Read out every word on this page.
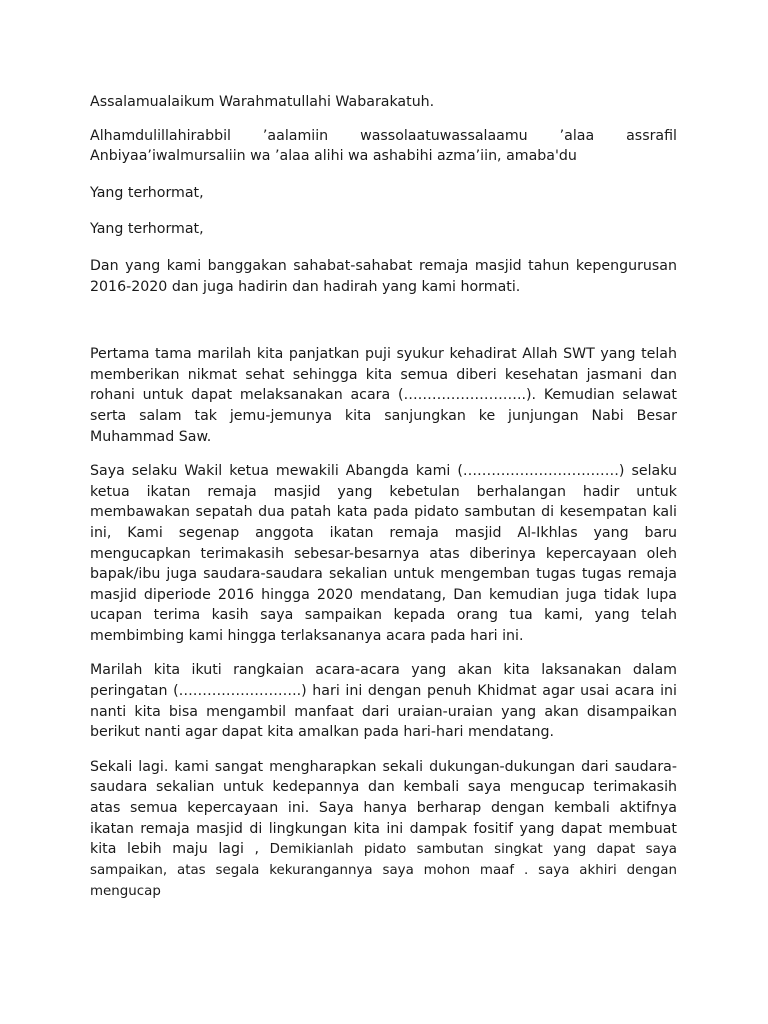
Assalamualaikum Warahmatullahi Wabarakatuh.

Alhamdulillahirabbil ’aalamiin wassolaatuwassalaamu ’alaa assrafil Anbiyaa’iwalmursaliin wa ’alaa alihi wa ashabihi azma’iin, amaba'du

Yang terhormat,

Yang terhormat,

Dan yang kami banggakan sahabat-sahabat remaja masjid tahun kepengurusan 2016-2020 dan juga hadirin dan hadirah yang kami hormati.

Pertama tama marilah kita panjatkan puji syukur kehadirat Allah SWT yang telah memberikan nikmat sehat sehingga kita semua diberi kesehatan jasmani dan rohani untuk dapat melaksanakan acara (……………………..). Kemudian selawat serta salam tak jemu-jemunya kita sanjungkan ke junjungan Nabi Besar Muhammad Saw.

Saya selaku Wakil ketua mewakili Abangda kami (……………………………) selaku ketua ikatan remaja masjid yang kebetulan berhalangan hadir untuk membawakan sepatah dua patah kata pada pidato sambutan di kesempatan kali ini, Kami segenap anggota ikatan remaja masjid Al-Ikhlas yang baru mengucapkan terimakasih sebesar-besarnya atas diberinya kepercayaan oleh bapak/ibu juga saudara-saudara sekalian untuk mengemban tugas tugas remaja masjid diperiode 2016 hingga 2020 mendatang, Dan kemudian juga tidak lupa ucapan terima kasih saya sampaikan kepada orang tua kami, yang telah membimbing kami hingga terlaksananya acara pada hari ini.

Marilah kita ikuti rangkaian acara-acara yang akan kita laksanakan dalam peringatan (……………………..) hari ini dengan penuh Khidmat agar usai acara ini nanti kita bisa mengambil manfaat dari uraian-uraian yang akan disampaikan berikut nanti agar dapat kita amalkan pada hari-hari mendatang.

Sekali lagi. kami sangat mengharapkan sekali dukungan-dukungan dari saudara-saudara sekalian untuk kedepannya dan kembali saya mengucap terimakasih atas semua kepercayaan ini. Saya hanya berharap dengan kembali aktifnya ikatan remaja masjid di lingkungan kita ini dampak fositif yang dapat membuat kita lebih maju lagi , Demikianlah pidato sambutan singkat yang dapat saya sampaikan, atas segala kekurangannya saya mohon maaf . saya akhiri dengan mengucap
